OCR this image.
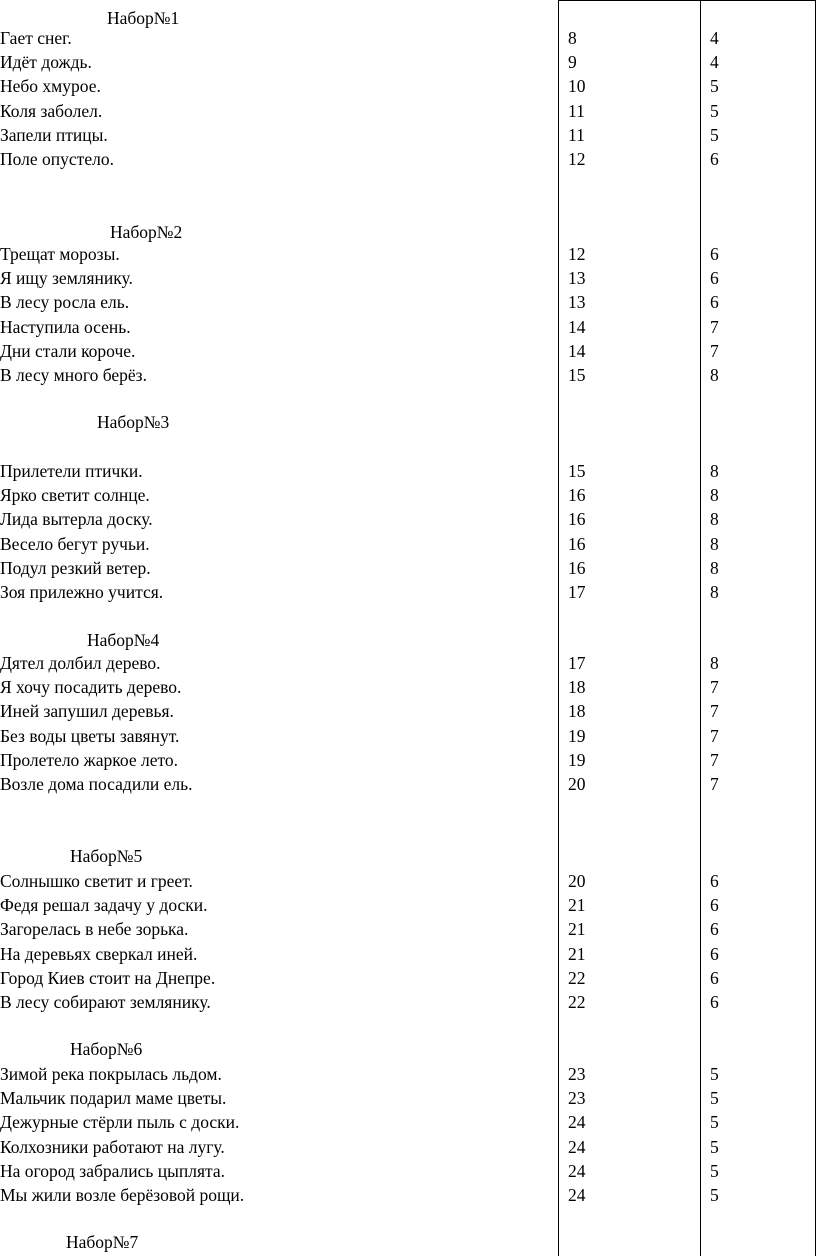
Набор№1
Гает снег.	8	4
Идёт дождь.	9	4
Небо хмурое.	10	5
Коля заболел.	11	5
Запели птицы.	11	5
Поле опустело.	12	6
Набор№2
Трещат морозы.	12	6
Я ищу землянику.	13	6
В лесу росла ель.	13	6
Наступила осень.	14	7
Дни стали короче.	14	7
В лесу много берёз.	15	8
Набор№3
Прилетели птички.	15	8
Ярко светит солнце.	16	8
Лида вытерла доску.	16	8
Весело бегут ручьи.	16	8
Подул резкий ветер.	16	8
Зоя прилежно учится.	17	8
Набор№4
Дятел долбил дерево.	17	8
Я хочу посадить дерево.	18	7
Иней запушил деревья.	18	7
Без воды цветы завянут.	19	7
Пролетело жаркое лето.	19	7
Возле дома посадили ель.	20	7
Набор№5
Солнышко светит и греет.	20	6
Федя решал задачу у доски.	21	6
Загорелась в небе зорька.	21	6
На деревьях сверкал иней.	21	6
Город Киев стоит на Днепре.	22	6
В лесу собирают землянику.	22	6
Набор№6
Зимой река покрылась льдом.	23	5
Мальчик подарил маме цветы.	23	5
Дежурные стёрли пыль с доски.	24	5
Колхозники работают на лугу.	24	5
На огород забрались цыплята.	24	5
Мы жили возле берёзовой рощи.	24	5
Набор№7
